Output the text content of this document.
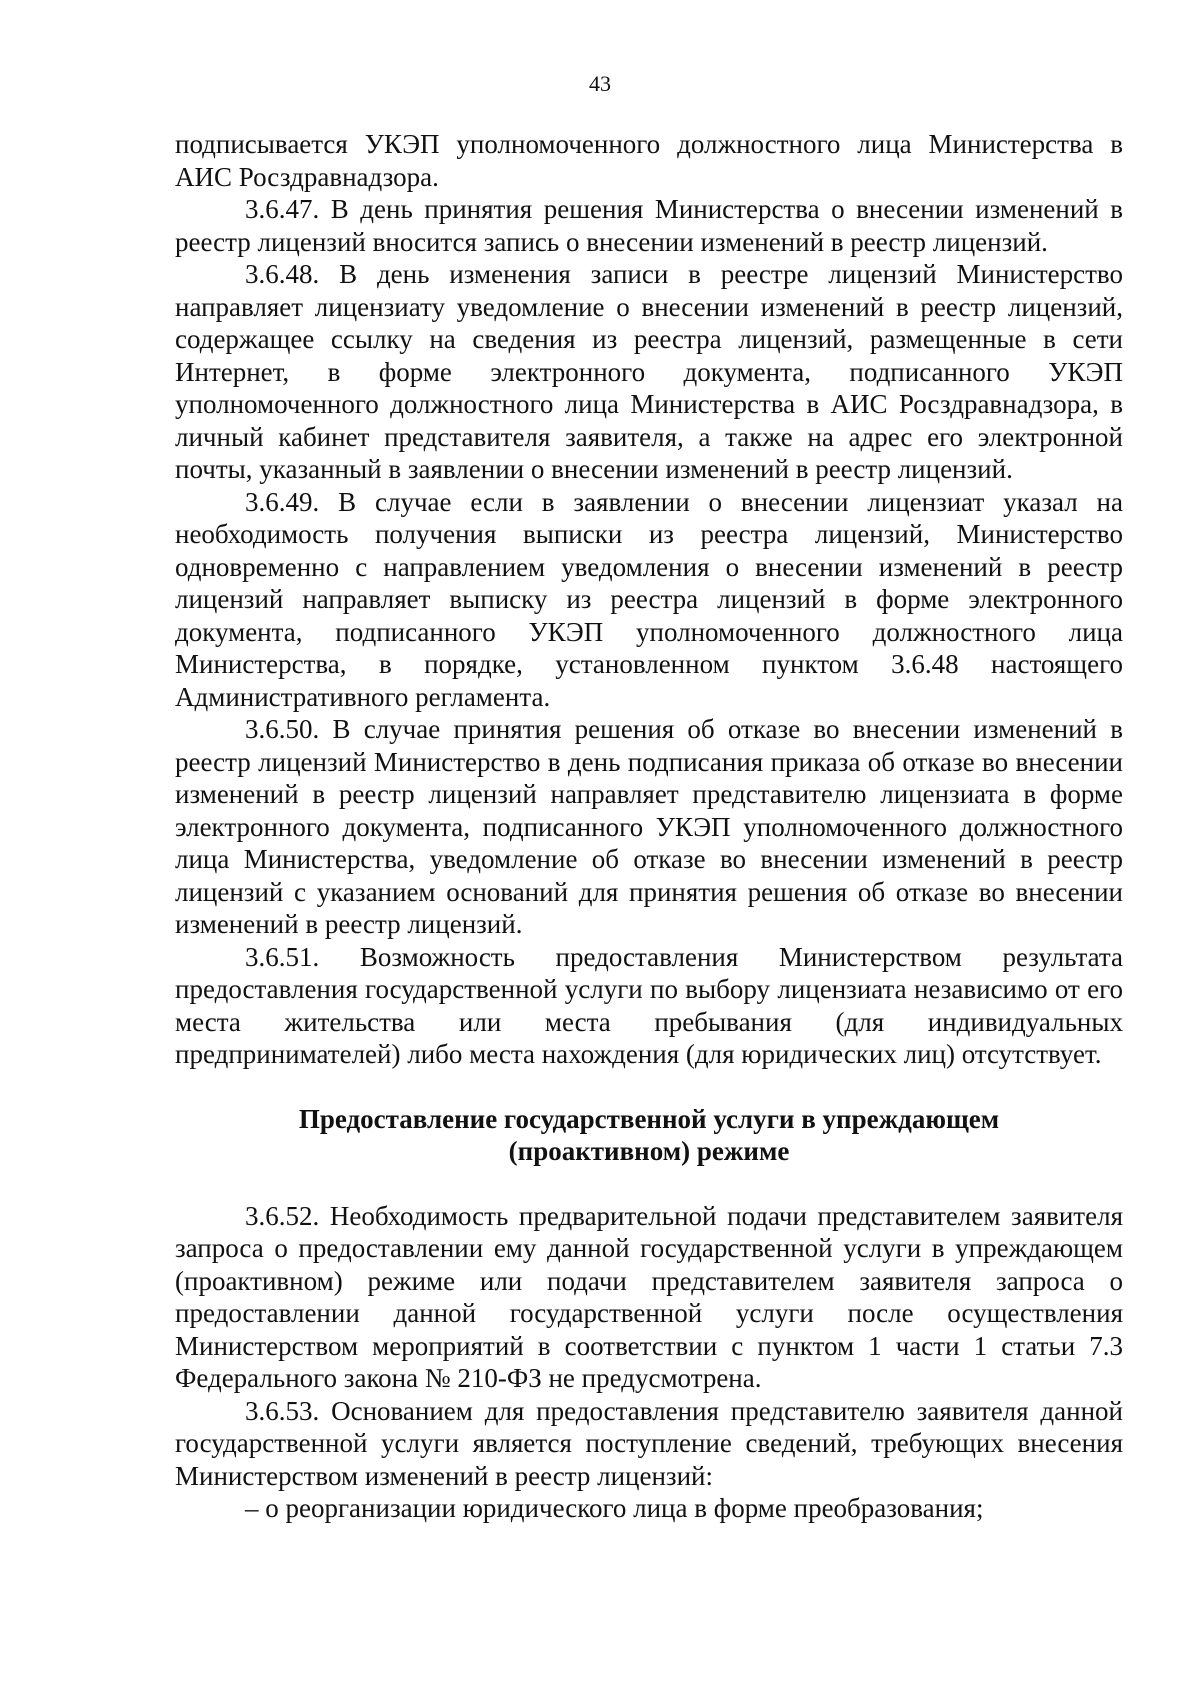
43

подписывается УКЭП уполномоченного должностного лица Министерства в АИС Росздравнадзора.

3.6.47. В день принятия решения Министерства о внесении изменений в реестр лицензий вносится запись о внесении изменений в реестр лицензий.

3.6.48. В день изменения записи в реестре лицензий Министерство направляет лицензиату уведомление о внесении изменений в реестр лицензий, содержащее ссылку на сведения из реестра лицензий, размещенные в сети Интернет, в форме электронного документа, подписанного УКЭП уполномоченного должностного лица Министерства в АИС Росздравнадзора, в личный кабинет представителя заявителя, а также на адрес его электронной почты, указанный в заявлении о внесении изменений в реестр лицензий.

3.6.49. В случае если в заявлении о внесении лицензиат указал на необходимость получения выписки из реестра лицензий, Министерство одновременно с направлением уведомления о внесении изменений в реестр лицензий направляет выписку из реестра лицензий в форме электронного документа, подписанного УКЭП уполномоченного должностного лица Министерства, в порядке, установленном пунктом 3.6.48 настоящего Административного регламента.

3.6.50. В случае принятия решения об отказе во внесении изменений в реестр лицензий Министерство в день подписания приказа об отказе во внесении изменений в реестр лицензий направляет представителю лицензиата в форме электронного документа, подписанного УКЭП уполномоченного должностного лица Министерства, уведомление об отказе во внесении изменений в реестр лицензий с указанием оснований для принятия решения об отказе во внесении изменений в реестр лицензий.

3.6.51. Возможность предоставления Министерством результата предоставления государственной услуги по выбору лицензиата независимо от его места жительства или места пребывания (для индивидуальных предпринимателей) либо места нахождения (для юридических лиц) отсутствует.

Предоставление государственной услуги в упреждающем
(проактивном) режиме

3.6.52. Необходимость предварительной подачи представителем заявителя запроса о предоставлении ему данной государственной услуги в упреждающем (проактивном) режиме или подачи представителем заявителя запроса о предоставлении данной государственной услуги после осуществления Министерством мероприятий в соответствии с пунктом 1 части 1 статьи 7.3 Федерального закона № 210-ФЗ не предусмотрена.

3.6.53. Основанием для предоставления представителю заявителя данной государственной услуги является поступление сведений, требующих внесения Министерством изменений в реестр лицензий:

– о реорганизации юридического лица в форме преобразования;
